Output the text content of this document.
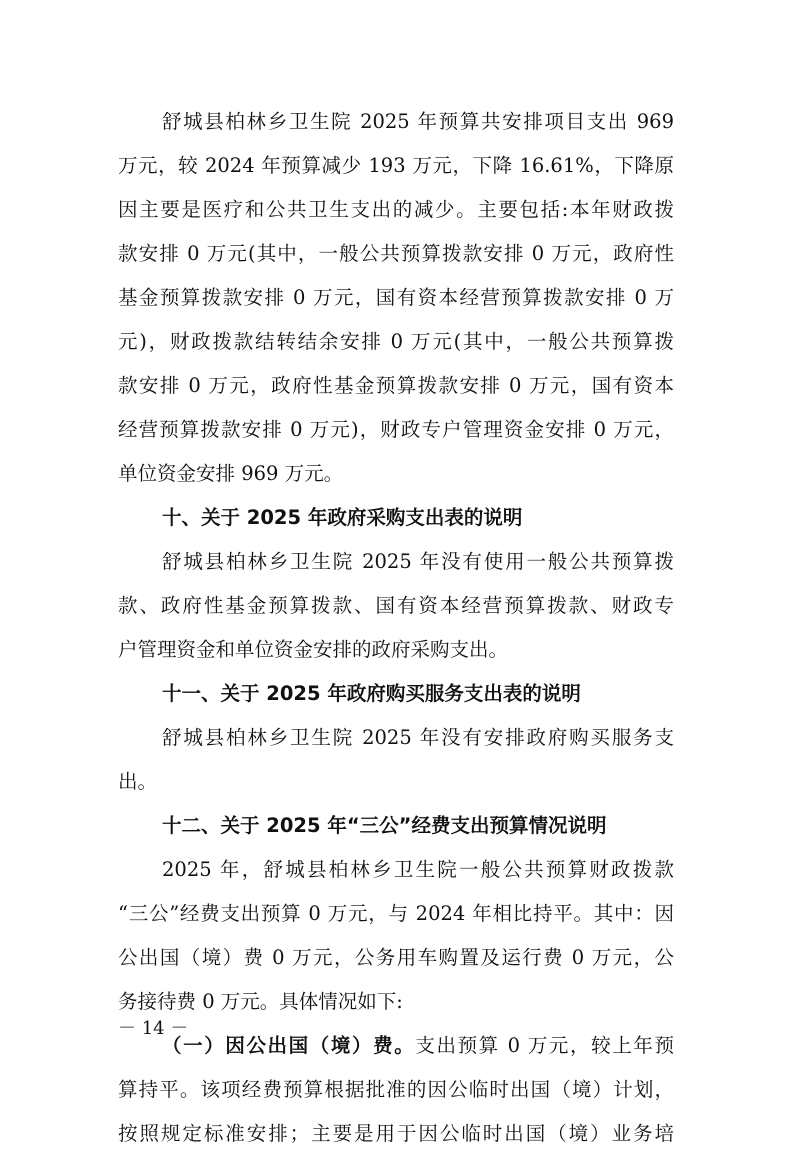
舒城县柏林乡卫生院 2025 年预算共安排项目支出 969
万元，较 2024 年预算减少 193 万元，下降 16.61%，下降原
因主要是医疗和公共卫生支出的减少。主要包括:本年财政拨
款安排 0 万元(其中，一般公共预算拨款安排 0 万元，政府性
基金预算拨款安排 0 万元，国有资本经营预算拨款安排 0 万
元)，财政拨款结转结余安排 0 万元(其中，一般公共预算拨
款安排 0 万元，政府性基金预算拨款安排 0 万元，国有资本
经营预算拨款安排 0 万元)，财政专户管理资金安排 0 万元，
单位资金安排 969 万元。
十、关于 2025 年政府采购支出表的说明
舒城县柏林乡卫生院 2025 年没有使用一般公共预算拨
款、政府性基金预算拨款、国有资本经营预算拨款、财政专
户管理资金和单位资金安排的政府采购支出。
十一、关于 2025 年政府购买服务支出表的说明
舒城县柏林乡卫生院 2025 年没有安排政府购买服务支
出。
十二、关于 2025 年“三公”经费支出预算情况说明
2025 年，舒城县柏林乡卫生院一般公共预算财政拨款
“三公”经费支出预算 0 万元，与 2024 年相比持平。其中：因
公出国（境）费 0 万元，公务用车购置及运行费 0 万元，公
务接待费 0 万元。具体情况如下:
（一）因公出国（境）费。支出预算 0 万元，较上年预
算持平。该项经费预算根据批准的因公临时出国（境）计划，
按照规定标准安排；主要是用于因公临时出国（境）业务培
－ 14 －
